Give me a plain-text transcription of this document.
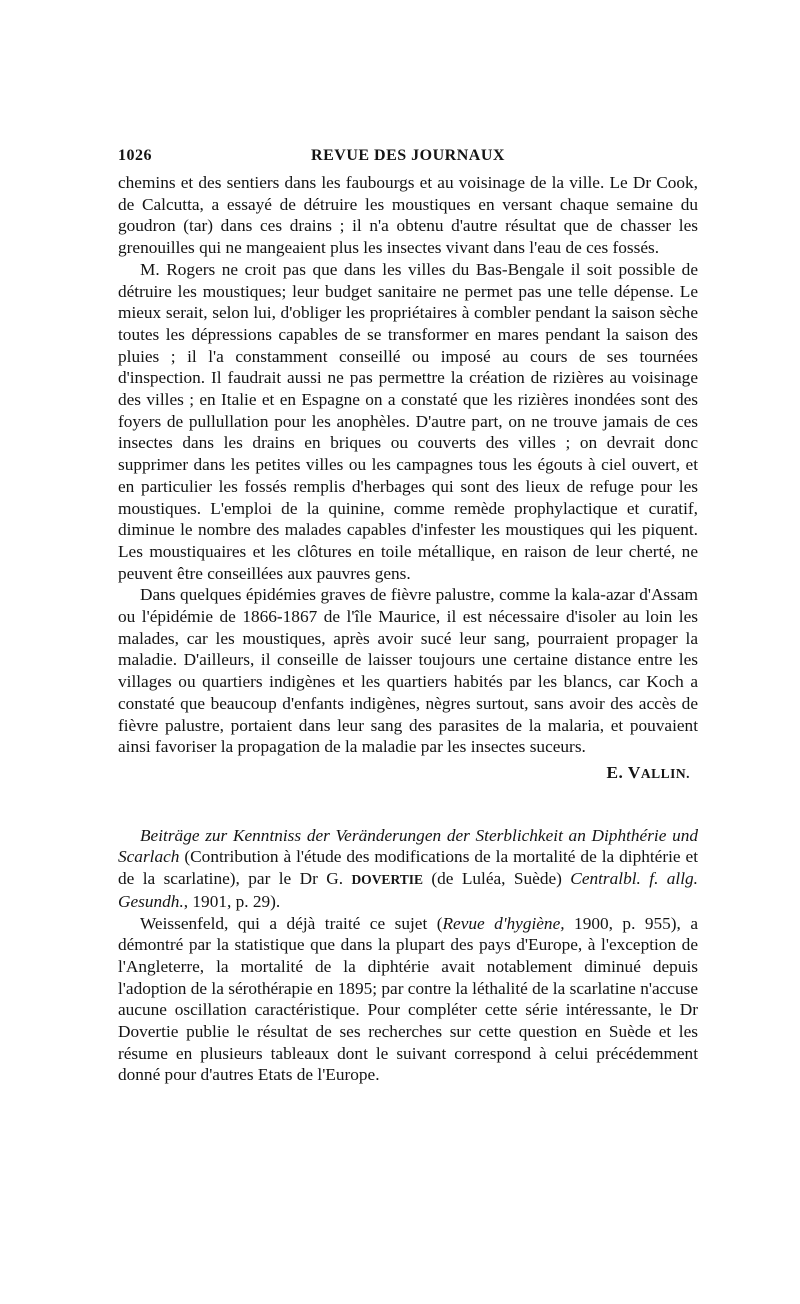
1026	REVUE DES JOURNAUX

chemins et des sentiers dans les faubourgs et au voisinage de la ville. Le Dr Cook, de Calcutta, a essayé de détruire les moustiques en versant chaque semaine du goudron (tar) dans ces drains ; il n'a obtenu d'autre résultat que de chasser les grenouilles qui ne mangeaient plus les insectes vivant dans l'eau de ces fossés.

M. Rogers ne croit pas que dans les villes du Bas-Bengale il soit possible de détruire les moustiques; leur budget sanitaire ne permet pas une telle dépense. Le mieux serait, selon lui, d'obliger les propriétaires à combler pendant la saison sèche toutes les dépressions capables de se transformer en mares pendant la saison des pluies ; il l'a constamment conseillé ou imposé au cours de ses tournées d'inspection. Il faudrait aussi ne pas permettre la création de rizières au voisinage des villes ; en Italie et en Espagne on a constaté que les rizières inondées sont des foyers de pullullation pour les anophèles. D'autre part, on ne trouve jamais de ces insectes dans les drains en briques ou couverts des villes ; on devrait donc supprimer dans les petites villes ou les campagnes tous les égouts à ciel ouvert, et en particulier les fossés remplis d'herbages qui sont des lieux de refuge pour les moustiques. L'emploi de la quinine, comme remède prophylactique et curatif, diminue le nombre des malades capables d'infester les moustiques qui les piquent. Les moustiquaires et les clôtures en toile métallique, en raison de leur cherté, ne peuvent être conseillées aux pauvres gens.

Dans quelques épidémies graves de fièvre palustre, comme la kala-azar d'Assam ou l'épidémie de 1866-1867 de l'île Maurice, il est nécessaire d'isoler au loin les malades, car les moustiques, après avoir sucé leur sang, pourraient propager la maladie. D'ailleurs, il conseille de laisser toujours une certaine distance entre les villages ou quartiers indigènes et les quartiers habités par les blancs, car Koch a constaté que beaucoup d'enfants indigènes, nègres surtout, sans avoir des accès de fièvre palustre, portaient dans leur sang des parasites de la malaria, et pouvaient ainsi favoriser la propagation de la maladie par les insectes suceurs.

E. VALLIN.

Beiträge zur Kenntniss der Veränderungen der Sterblichkeit an Diphthérie und Scarlach (Contribution à l'étude des modifications de la mortalité de la diphtérie et de la scarlatine), par le Dr G. DOVERTIE (de Luléa, Suède) Centralbl. f. allg. Gesundh., 1901, p. 29).

Weissenfeld, qui a déjà traité ce sujet (Revue d'hygiène, 1900, p. 955), a démontré par la statistique que dans la plupart des pays d'Europe, à l'exception de l'Angleterre, la mortalité de la diphtérie avait notablement diminué depuis l'adoption de la sérothérapie en 1895; par contre la léthalité de la scarlatine n'accuse aucune oscillation caractéristique. Pour compléter cette série intéressante, le Dr Dovertie publie le résultat de ses recherches sur cette question en Suède et les résume en plusieurs tableaux dont le suivant correspond à celui précédemment donné pour d'autres Etats de l'Europe.
